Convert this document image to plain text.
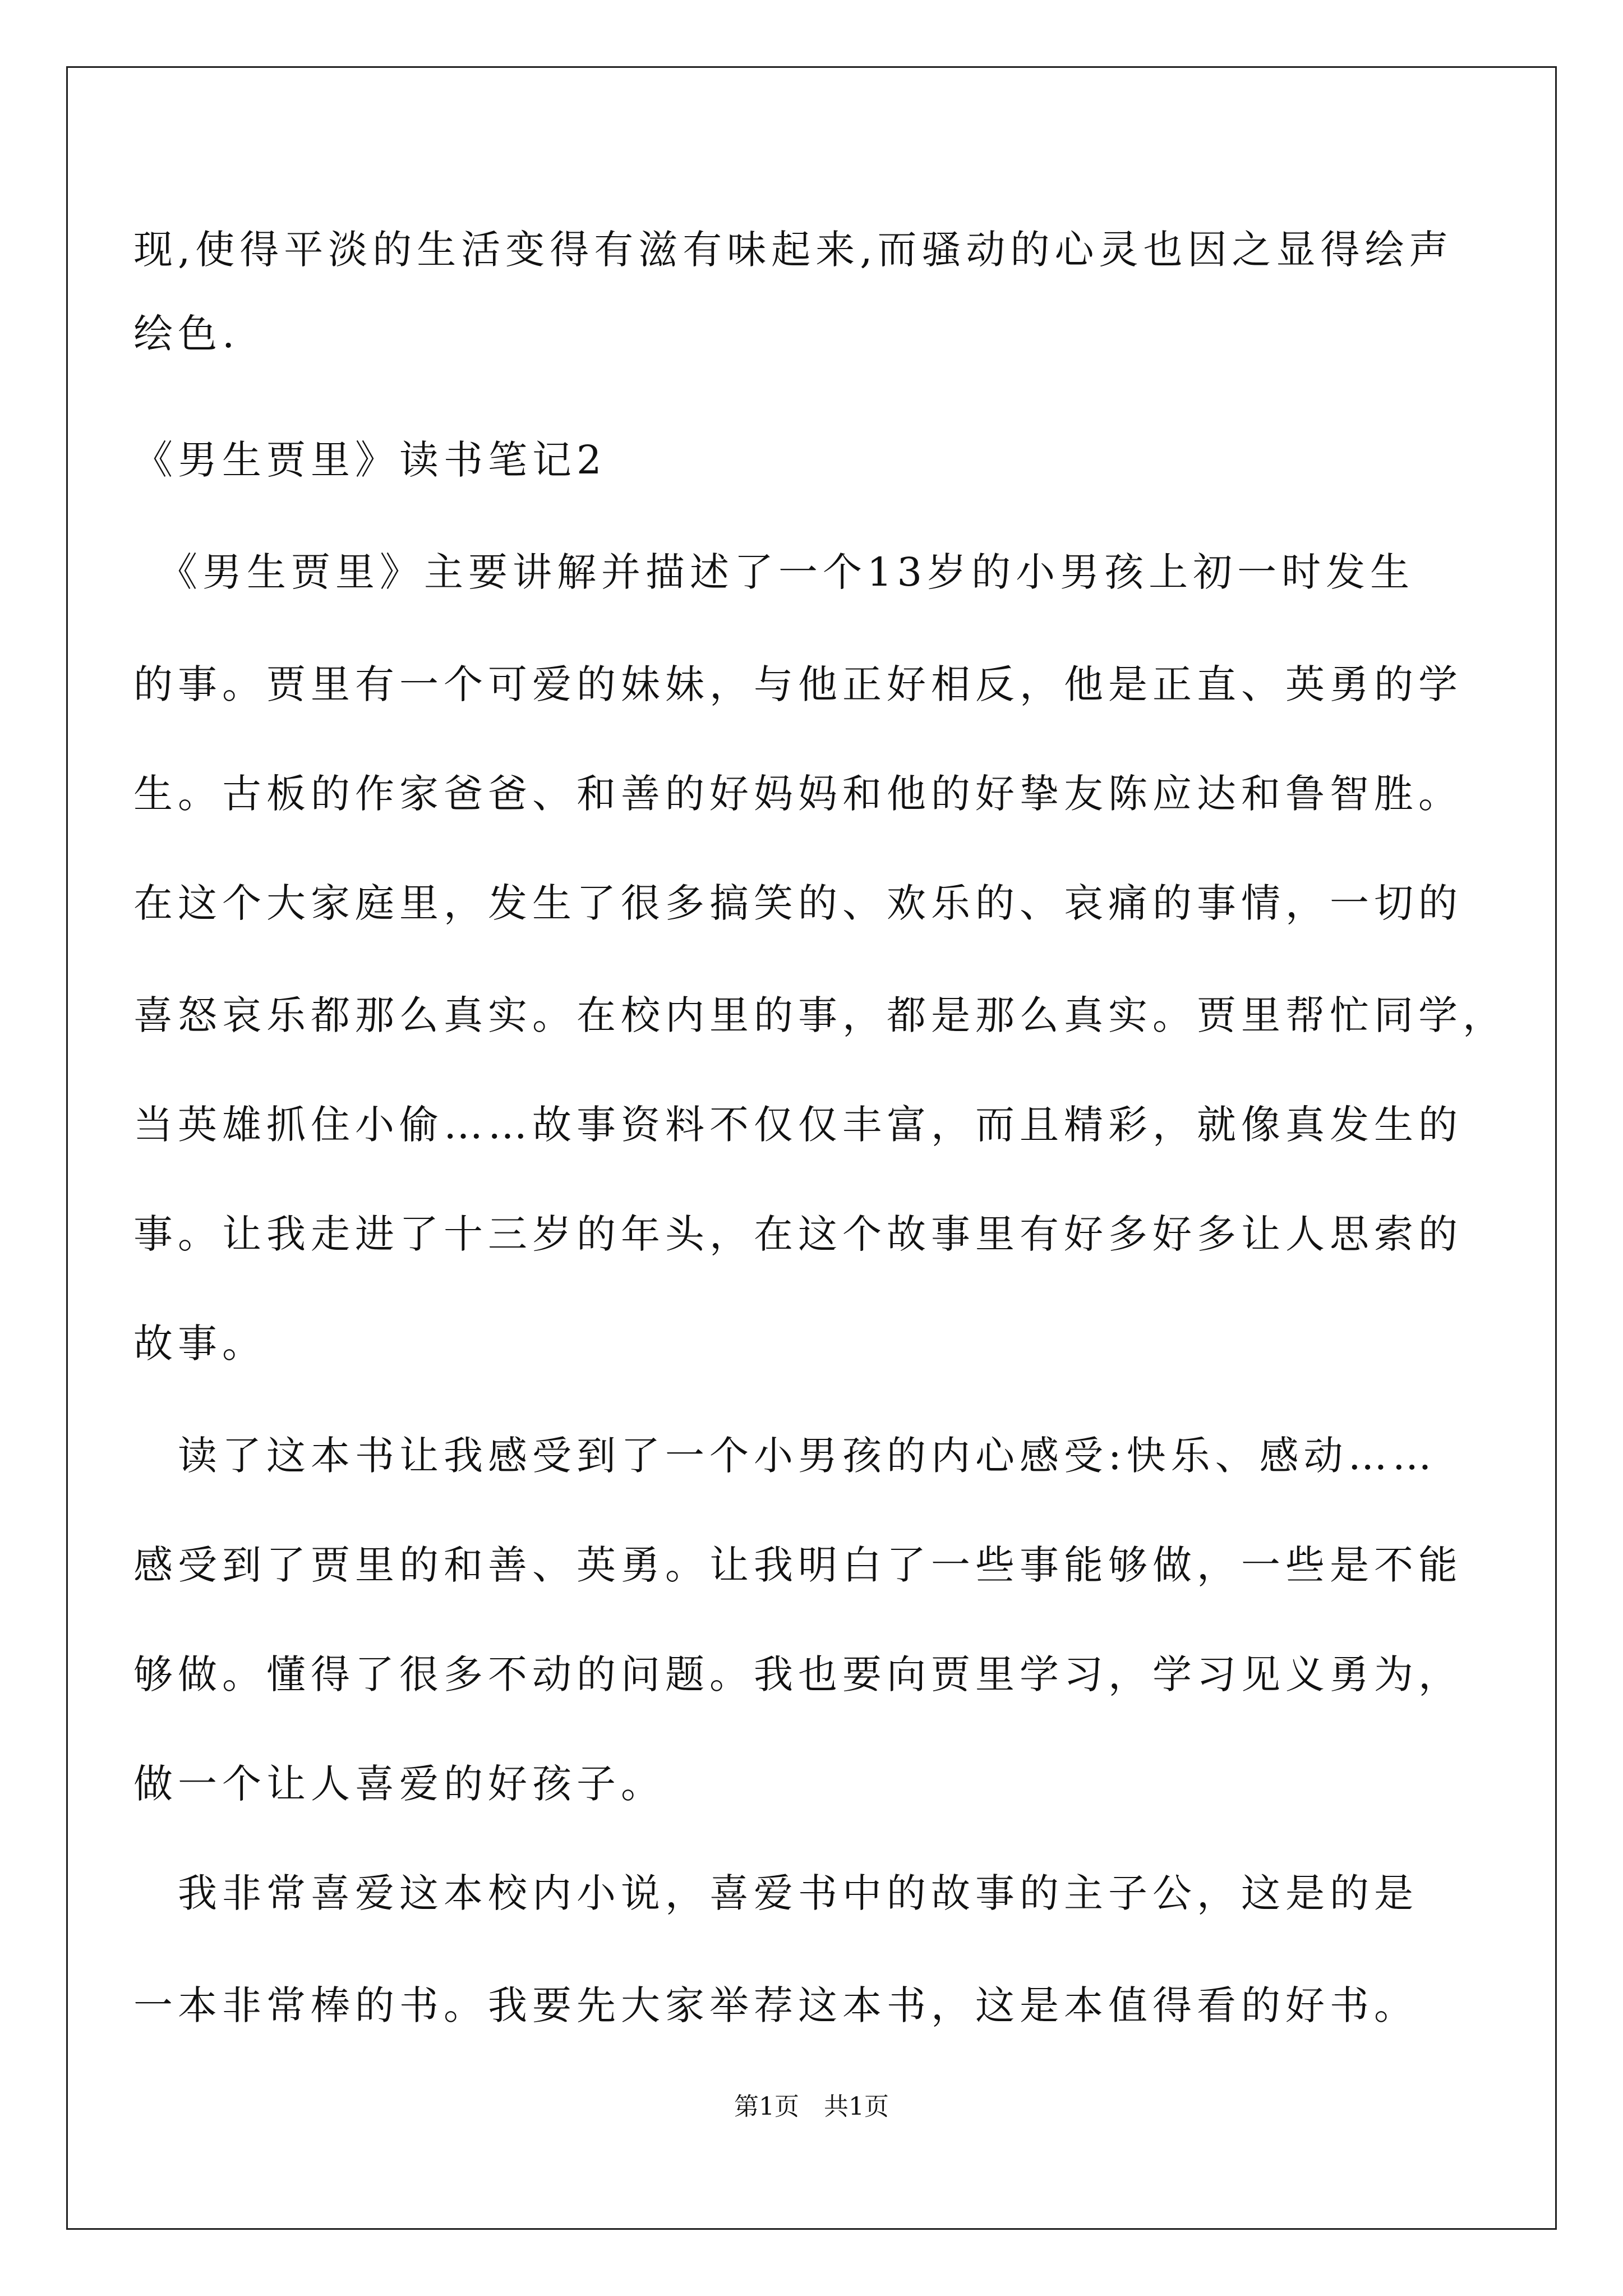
现,使得平淡的生活变得有滋有味起来,而骚动的心灵也因之显得绘声
绘色.
《男生贾里》读书笔记2
　《男生贾里》主要讲解并描述了一个13岁的小男孩上初一时发生
的事。贾里有一个可爱的妹妹，与他正好相反，他是正直、英勇的学
生。古板的作家爸爸、和善的好妈妈和他的好挚友陈应达和鲁智胜。
在这个大家庭里，发生了很多搞笑的、欢乐的、哀痛的事情，一切的
喜怒哀乐都那么真实。在校内里的事，都是那么真实。贾里帮忙同学，
当英雄抓住小偷……故事资料不仅仅丰富，而且精彩，就像真发生的
事。让我走进了十三岁的年头，在这个故事里有好多好多让人思索的
故事。
　读了这本书让我感受到了一个小男孩的内心感受:快乐、感动……
感受到了贾里的和善、英勇。让我明白了一些事能够做，一些是不能
够做。懂得了很多不动的问题。我也要向贾里学习，学习见义勇为，
做一个让人喜爱的好孩子。
　我非常喜爱这本校内小说，喜爱书中的故事的主子公，这是的是
一本非常棒的书。我要先大家举荐这本书，这是本值得看的好书。
第1页　共1页
